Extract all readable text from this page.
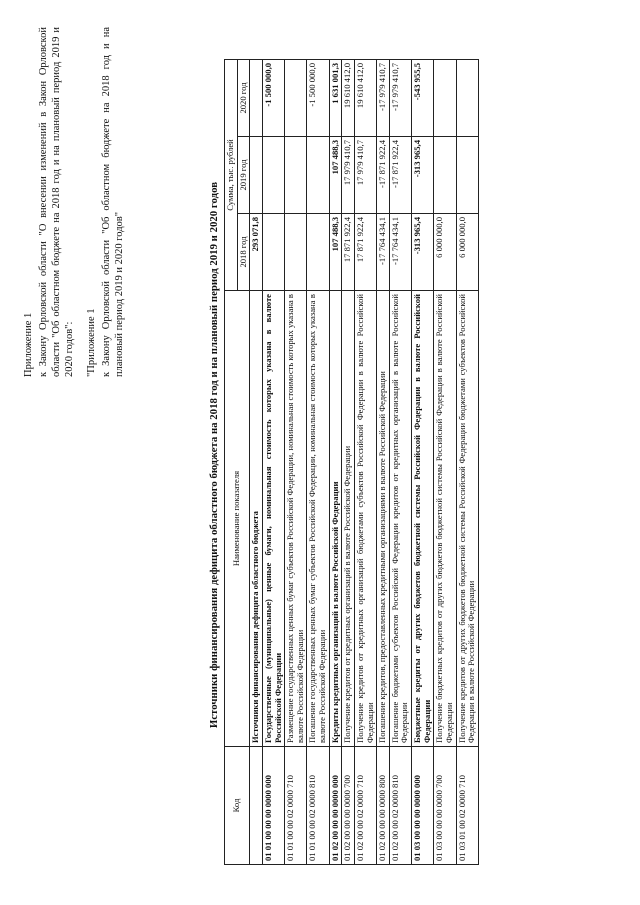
Приложение 1 к Закону Орловской области "О внесении изменений в Закон Орловской области "Об областном бюджете на 2018 год и на плановый период 2019 и 2020 годов": "Приложение 1 к Закону Орловской области "Об областном бюджете на 2018 год и на плановый период 2019 и 2020 годов"	Источники финансирования дефицита областного бюджета на 2018 год и на плановый период 2019 и 2020 годов
Код	Наименование показателя	Сумма, тыс. рублей		
		2018 год	2019 год	2020 год
	Источники финансирования дефицита областного бюджета	293 071,8		
01 01 00 00 00 0000 000	Государственные (муниципальные) ценные бумаги, номинальная стоимость которых указана в валюте Российской Федерации			-1 500 000,0
01 01 00 00 02 0000 710	Размещение государственных ценных бумаг субъектов Российской Федерации, номинальная стоимость которых указана в валюте Российской Федерации			
01 01 00 00 02 0000 810	Погашение государственных ценных бумаг субъектов Российской Федерации, номинальная стоимость которых указана в валюте Российской Федерации			-1 500 000,0
01 02 00 00 00 0000 000	Кредиты кредитных организаций в валюте Российской Федерации	107 488,3	107 488,3	1 631 001,3
01 02 00 00 00 0000 700	Получение кредитов от кредитных организаций в валюте Российской Федерации	17 871 922,4	17 979 410,7	19 610 412,0
01 02 00 00 02 0000 710	Получение кредитов от кредитных организаций бюджетами субъектов Российской Федерации в валюте Российской Федерации	17 871 922,4	17 979 410,7	19 610 412,0
01 02 00 00 00 0000 800	Погашение кредитов, предоставленных кредитными организациями в валюте Российской Федерации	-17 764 434,1	-17 871 922,4	-17 979 410,7
01 02 00 00 02 0000 810	Погашение бюджетами субъектов Российской Федерации кредитов от кредитных организаций в валюте Российской Федерации	-17 764 434,1	-17 871 922,4	-17 979 410,7
01 03 00 00 00 0000 000	Бюджетные кредиты от других бюджетов бюджетной системы Российской Федерации в валюте Российской Федерации	-313 965,4	-313 965,4	-543 955,5
01 03 00 00 00 0000 700	Получение бюджетных кредитов от других бюджетов бюджетной системы Российской Федерации в валюте Российской Федерации	6 000 000,0		
01 03 01 00 02 0000 710	Получение кредитов от других бюджетов бюджетной системы Российской Федерации бюджетами субъектов Российской Федерации в валюте Российской Федерации	6 000 000,0		
